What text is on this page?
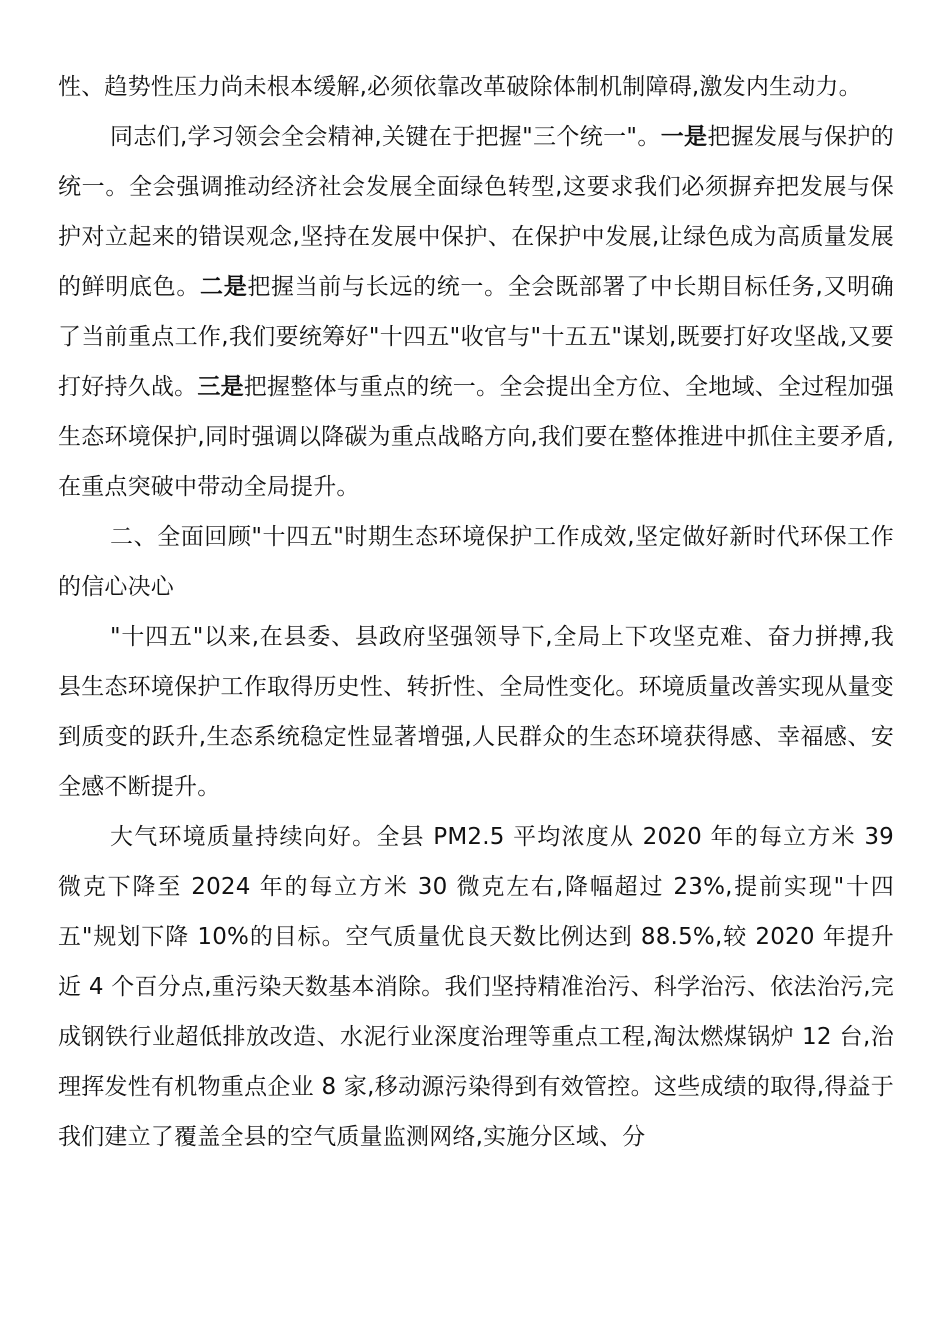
性、趋势性压力尚未根本缓解,必须依靠改革破除体制机制障碍,激发内生动力。

同志们,学习领会全会精神,关键在于把握"三个统一"。一是把握发展与保护的统一。全会强调推动经济社会发展全面绿色转型,这要求我们必须摒弃把发展与保护对立起来的错误观念,坚持在发展中保护、在保护中发展,让绿色成为高质量发展的鲜明底色。二是把握当前与长远的统一。全会既部署了中长期目标任务,又明确了当前重点工作,我们要统筹好"十四五"收官与"十五五"谋划,既要打好攻坚战,又要打好持久战。三是把握整体与重点的统一。全会提出全方位、全地域、全过程加强生态环境保护,同时强调以降碳为重点战略方向,我们要在整体推进中抓住主要矛盾,在重点突破中带动全局提升。

二、全面回顾"十四五"时期生态环境保护工作成效,坚定做好新时代环保工作的信心决心

"十四五"以来,在县委、县政府坚强领导下,全局上下攻坚克难、奋力拼搏,我县生态环境保护工作取得历史性、转折性、全局性变化。环境质量改善实现从量变到质变的跃升,生态系统稳定性显著增强,人民群众的生态环境获得感、幸福感、安全感不断提升。

大气环境质量持续向好。全县 PM2.5 平均浓度从 2020 年的每立方米 39 微克下降至 2024 年的每立方米 30 微克左右,降幅超过 23%,提前实现"十四五"规划下降 10%的目标。空气质量优良天数比例达到 88.5%,较 2020 年提升近 4 个百分点,重污染天数基本消除。我们坚持精准治污、科学治污、依法治污,完成钢铁行业超低排放改造、水泥行业深度治理等重点工程,淘汰燃煤锅炉 12 台,治理挥发性有机物重点企业 8 家,移动源污染得到有效管控。这些成绩的取得,得益于我们建立了覆盖全县的空气质量监测网络,实施分区域、分
